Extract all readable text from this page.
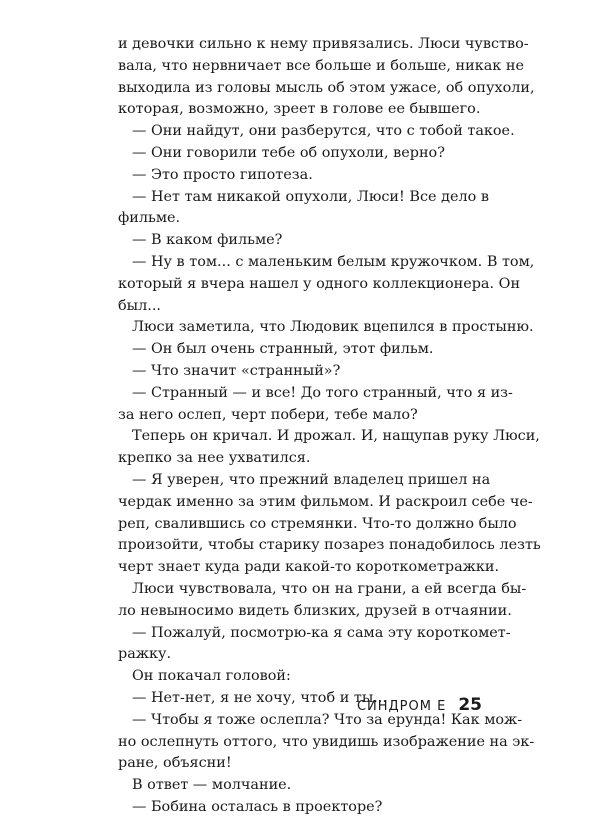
и девочки сильно к нему привязались. Люси чувство-
вала, что нервничает все больше и больше, никак не
выходила из головы мысль об этом ужасе, об опухоли,
которая, возможно, зреет в голове ее бывшего.
— Они найдут, они разберутся, что с тобой такое.
— Они говорили тебе об опухоли, верно?
— Это просто гипотеза.
— Нет там никакой опухоли, Люси! Все дело в
фильме.
— В каком фильме?
— Ну в том... с маленьким белым кружочком. В том,
который я вчера нашел у одного коллекционера. Он
был...
Люси заметила, что Людовик вцепился в простыню.
— Он был очень странный, этот фильм.
— Что значит «странный»?
— Странный — и все! До того странный, что я из-
за него ослеп, черт побери, тебе мало?
Теперь он кричал. И дрожал. И, нащупав руку Люси,
крепко за нее ухватился.
— Я уверен, что прежний владелец пришел на
чердак именно за этим фильмом. И раскроил себе че-
реп, свалившись со стремянки. Что-то должно было
произойти, чтобы старику позарез понадобилось лезть
черт знает куда ради какой-то короткометражки.
Люси чувствовала, что он на грани, а ей всегда бы-
ло невыносимо видеть близких, друзей в отчаянии.
— Пожалуй, посмотрю-ка я сама эту короткомет-
ражку.
Он покачал головой:
— Нет-нет, я не хочу, чтоб и ты...
— Чтобы я тоже ослепла? Что за ерунда! Как мож-
но ослепнуть оттого, что увидишь изображение на эк-
ране, объясни!
В ответ — молчание.
— Бобина осталась в проекторе?
СИНДРОМ E 25
